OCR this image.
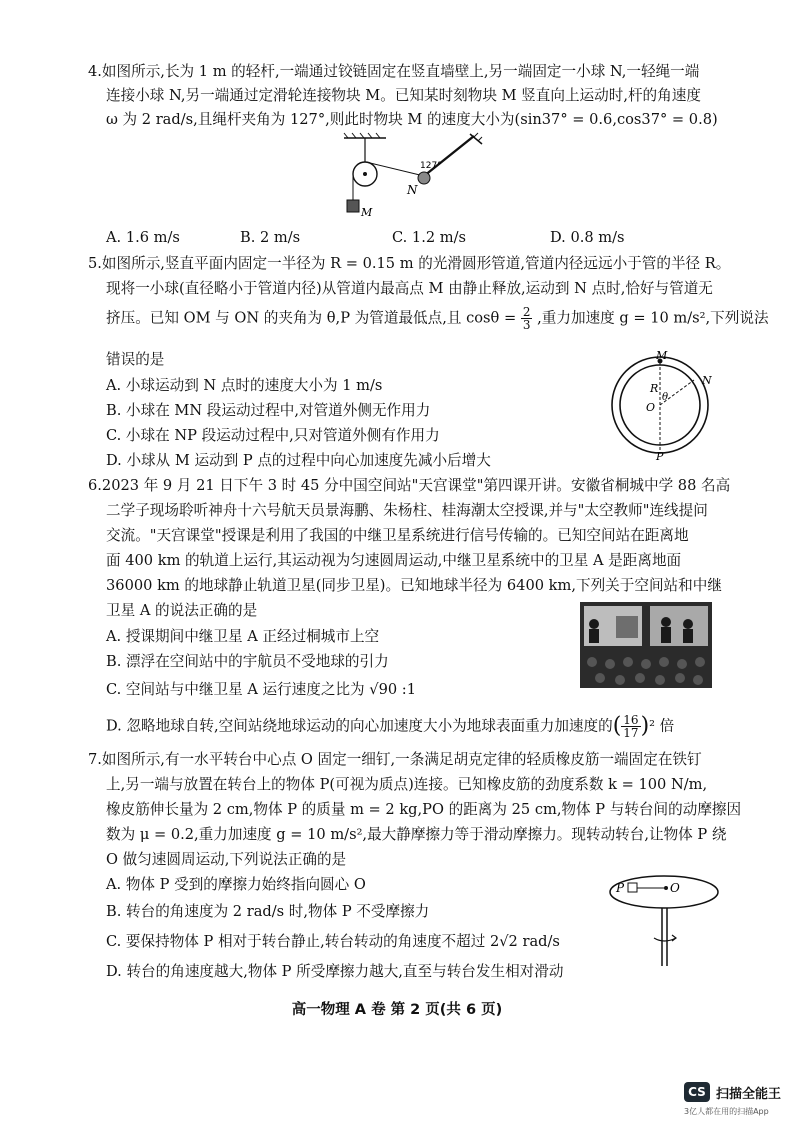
4.如图所示,长为 1 m 的轻杆,一端通过铰链固定在竖直墙壁上,另一端固定一小球 N,一轻绳一端
连接小球 N,另一端通过定滑轮连接物块 M。已知某时刻物块 M 竖直向上运动时,杆的角速度
ω 为 2 rad/s,且绳杆夹角为 127°,则此时物块 M 的速度大小为(sin37° = 0.6,cos37° = 0.8)
127°
N
M
A. 1.6 m/s	B. 2 m/s	C. 1.2 m/s	D. 0.8 m/s
5.如图所示,竖直平面内固定一半径为 R = 0.15 m 的光滑圆形管道,管道内径远远小于管的半径 R。
现将一小球(直径略小于管道内径)从管道内最高点 M 由静止释放,运动到 N 点时,恰好与管道无
挤压。已知 OM 与 ON 的夹角为 θ,P 为管道最低点,且 $\cos\theta = \frac{2}{3}$ ,重力加速度 g = 10 m/s²,下列说法
错误的是	M
N
R
θ
O
P
A. 小球运动到 N 点时的速度大小为 1 m/s
B. 小球在 MN 段运动过程中,对管道外侧无作用力
C. 小球在 NP 段运动过程中,只对管道外侧有作用力
D. 小球从 M 运动到 P 点的过程中向心加速度先减小后增大
6.2023 年 9 月 21 日下午 3 时 45 分中国空间站"天宫课堂"第四课开讲。安徽省桐城中学 88 名高
二学子现场聆听神舟十六号航天员景海鹏、朱杨柱、桂海潮太空授课,并与"太空教师"连线提问
交流。"天宫课堂"授课是利用了我国的中继卫星系统进行信号传输的。已知空间站在距离地
面 400 km 的轨道上运行,其运动视为匀速圆周运动,中继卫星系统中的卫星 A 是距离地面
36000 km 的地球静止轨道卫星(同步卫星)。已知地球半径为 6400 km,下列关于空间站和中继
卫星 A 的说法正确的是
A. 授课期间中继卫星 A 正经过桐城市上空
B. 漂浮在空间站中的宇航员不受地球的引力
C. 空间站与中继卫星 A 运行速度之比为 √90 :1
D. 忽略地球自转,空间站绕地球运动的向心加速度大小为地球表面重力加速度的( $\frac{16}{17} )^2$ 倍
7.如图所示,有一水平转台中心点 O 固定一细钉,一条满足胡克定律的轻质橡皮筋一端固定在铁钉
上,另一端与放置在转台上的物体 P(可视为质点)连接。已知橡皮筋的劲度系数 k = 100 N/m,
橡皮筋伸长量为 2 cm,物体 P 的质量 m = 2 kg,PO 的距离为 25 cm,物体 P 与转台间的动摩擦因
数为 μ = 0.2,重力加速度 g = 10 m/s²,最大静摩擦力等于滑动摩擦力。现转动转台,让物体 P 绕
O 做匀速圆周运动,下列说法正确的是
P	O
A. 物体 P 受到的摩擦力始终指向圆心 O
B. 转台的角速度为 2 rad/s 时,物体 P 不受摩擦力
C. 要保持物体 P 相对于转台静止,转台转动的角速度不超过 2√2 rad/s
D. 转台的角速度越大,物体 P 所受摩擦力越大,直至与转台发生相对滑动
高一物理 A 卷 第 2 页(共 6 页)
CS 扫描全能王
3亿人都在用的扫描App
